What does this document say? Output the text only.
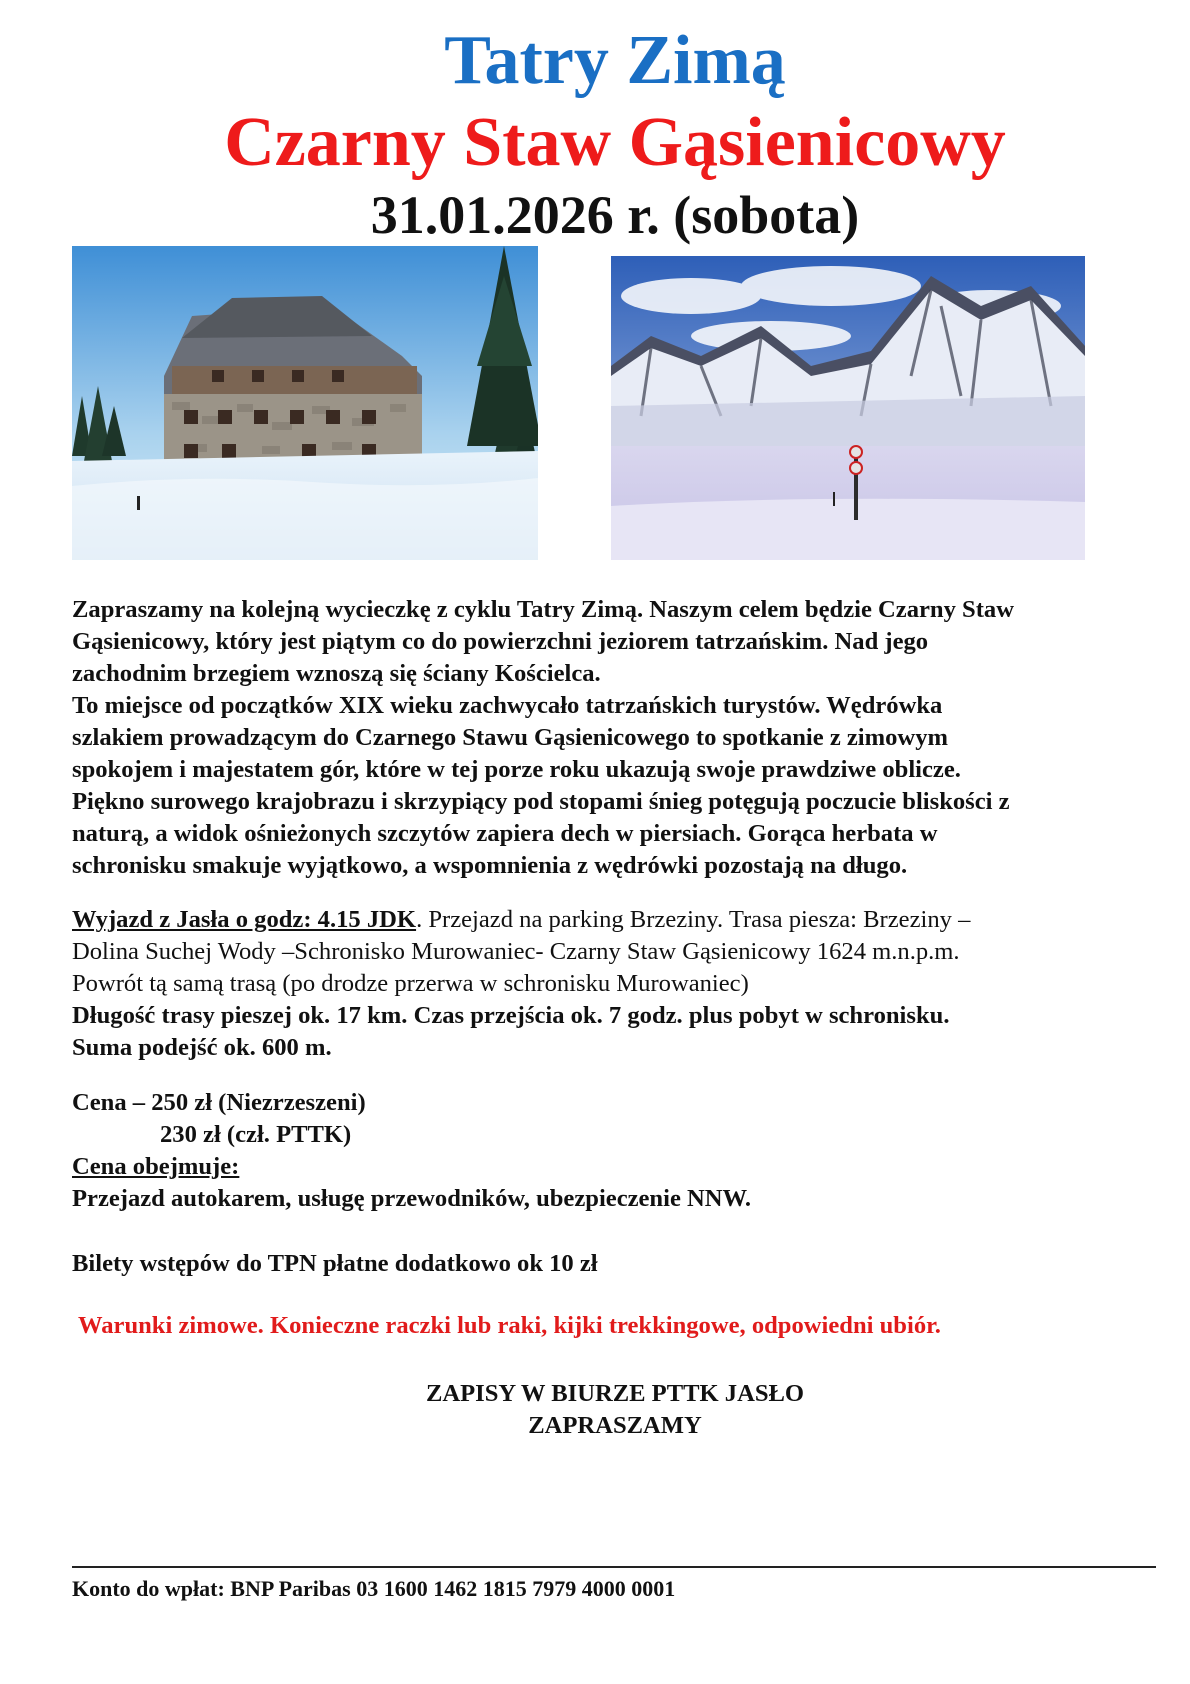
Tatry Zimą
Czarny Staw Gąsienicowy
31.01.2026 r. (sobota)
Zapraszamy na kolejną wycieczkę z cyklu Tatry Zimą. Naszym celem będzie Czarny Staw
Gąsienicowy, który jest piątym co do powierzchni jeziorem tatrzańskim. Nad jego
zachodnim brzegiem wznoszą się ściany Kościelca.
To miejsce od początków XIX wieku zachwycało tatrzańskich turystów. Wędrówka
szlakiem prowadzącym do Czarnego Stawu Gąsienicowego to spotkanie z zimowym
spokojem i majestatem gór, które w tej porze roku ukazują swoje prawdziwe oblicze.
Piękno surowego krajobrazu i skrzypiący pod stopami śnieg potęgują poczucie bliskości z
naturą, a widok ośnieżonych szczytów zapiera dech w piersiach. Gorąca herbata w
schronisku smakuje wyjątkowo, a wspomnienia z wędrówki pozostają na długo.
Wyjazd z Jasła o godz: 4.15 JDK. Przejazd na parking Brzeziny. Trasa piesza: Brzeziny –
Dolina Suchej Wody –Schronisko Murowaniec- Czarny Staw Gąsienicowy 1624 m.n.p.m.
Powrót tą samą trasą (po drodze przerwa w schronisku Murowaniec)
Długość trasy pieszej ok. 17 km. Czas przejścia ok. 7 godz. plus pobyt w schronisku.
Suma podejść ok. 600 m.
Cena – 250 zł (Niezrzeszeni)
230 zł (czł. PTTK)
Cena obejmuje:
Przejazd autokarem, usługę przewodników, ubezpieczenie NNW.
Bilety wstępów do TPN płatne dodatkowo ok 10 zł
Warunki zimowe. Konieczne raczki lub raki, kijki trekkingowe, odpowiedni ubiór.
ZAPISY W BIURZE PTTK JASŁO
ZAPRASZAMY
Konto do wpłat: BNP Paribas 03 1600 1462 1815 7979 4000 0001
